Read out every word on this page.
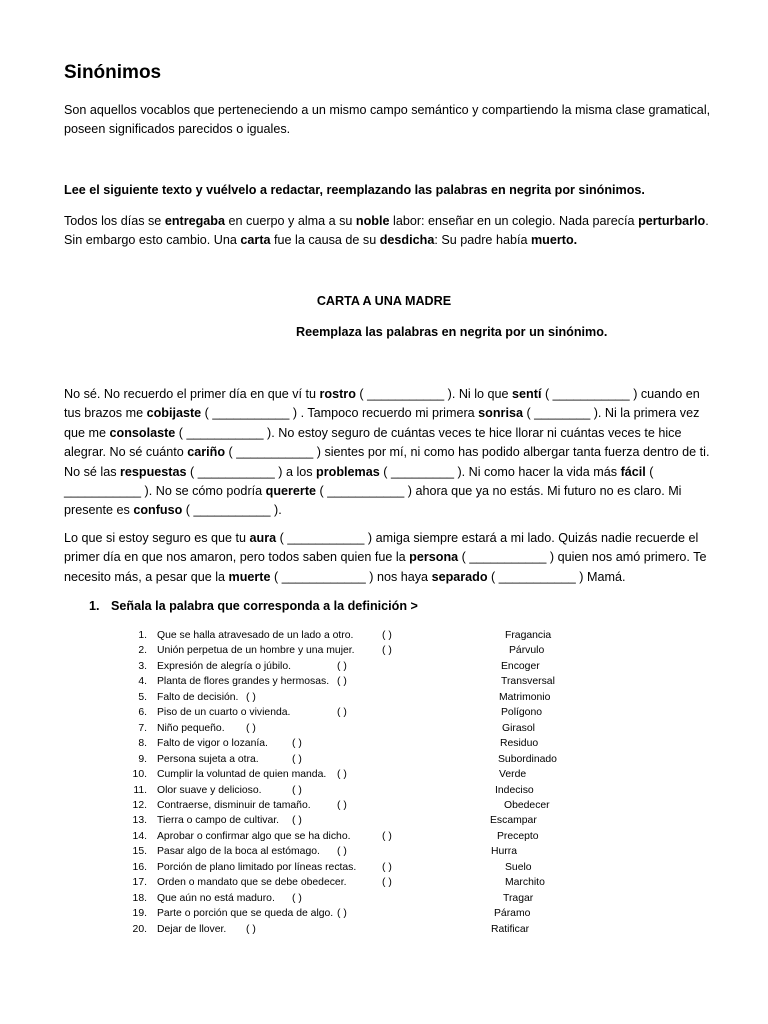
Sinónimos
Son aquellos vocablos que perteneciendo a un mismo campo semántico y compartiendo la misma clase gramatical, poseen significados parecidos o iguales.
Lee el siguiente texto y vuélvelo a redactar, reemplazando las palabras en negrita por sinónimos.
Todos los días se entregaba en cuerpo y alma a su noble labor: enseñar en un colegio. Nada parecía perturbarlo. Sin embargo esto cambio. Una carta fue la causa de su desdicha: Su padre había muerto.
CARTA A UNA MADRE
Reemplaza las palabras en negrita por un sinónimo.
No sé. No recuerdo el primer día en que ví tu rostro ( ___________ ). Ni lo que sentí ( ___________ ) cuando en tus brazos me cobijaste ( ___________ ) . Tampoco recuerdo mi primera sonrisa ( ________ ). Ni la primera vez que me consolaste ( ___________ ). No estoy seguro de cuántas veces te hice llorar ni cuántas veces te hice alegrar. No sé cuánto cariño ( ___________ ) sientes por mí, ni como has podido albergar tanta fuerza dentro de ti. No sé las respuestas ( ___________ ) a los problemas ( _________ ). Ni como hacer la vida más fácil ( ___________ ). No se cómo podría quererte ( ___________ ) ahora que ya no estás. Mi futuro no es claro. Mi presente es confuso ( ___________ ).
Lo que si estoy seguro es que tu aura ( ___________ ) amiga siempre estará a mi lado. Quizás nadie recuerde el primer día en que nos amaron, pero todos saben quien fue la persona ( ___________ ) quien nos amó primero. Te necesito más, a pesar que la muerte ( ____________ ) nos haya separado ( ___________ ) Mamá.
1. Señala la palabra que corresponda a la definición >
1. Que se halla atravesado de un lado a otro.	( )	Fragancia
2. Unión perpetua de un hombre y una mujer.	( )	Párvulo
3. Expresión de alegría o júbilo.	( )	Encoger
4. Planta de flores grandes y hermosas. ( )	Transversal
5. Falto de decisión. ( )	Matrimonio
6. Piso de un cuarto o vivienda.	( )	Polígono
7. Niño pequeño. ( )	Girasol
8. Falto de vigor o lozanía. ( )	Residuo
9. Persona sujeta a otra.	( )	Subordinado
10. Cumplir la voluntad de quien manda. ( )	Verde
11. Olor suave y delicioso.	( )	Indeciso
12. Contraerse, disminuir de tamaño.	( )	Obedecer
13. Tierra o campo de cultivar. ( )	Escampar
14. Aprobar o confirmar algo que se ha dicho.	( )	Precepto
15. Pasar algo de la boca al estómago. ( )	Hurra
16. Porción de plano limitado por líneas rectas. ( )	Suelo
17. Orden o mandato que se debe obedecer.	( )	Marchito
18. Que aún no está maduro. ( )	Tragar
19. Parte o porción que se queda de algo. ( )	Páramo
20. Dejar de llover. ( )	Ratificar
